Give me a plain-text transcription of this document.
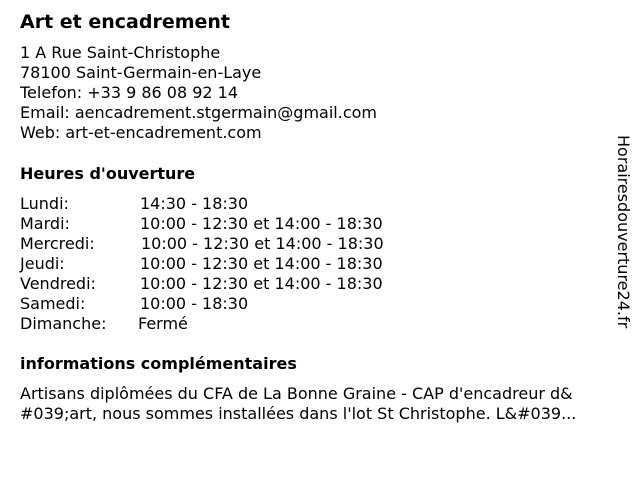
Art et encadrement
1 A Rue Saint-Christophe
78100 Saint-Germain-en-Laye
Telefon: +33 9 86 08 92 14
Email: aencadrement.stgermain@gmail.com
Web: art-et-encadrement.com
Heures d'ouverture
Lundi:	14:30 - 18:30
Mardi:	10:00 - 12:30 et 14:00 - 18:30
Mercredi:	10:00 - 12:30 et 14:00 - 18:30
Jeudi:	10:00 - 12:30 et 14:00 - 18:30
Vendredi:	10:00 - 12:30 et 14:00 - 18:30
Samedi:	10:00 - 18:30
Dimanche: Fermé
informations complémentaires
Artisans diplômées du CFA de La Bonne Graine - CAP d'encadreur d&
#039;art, nous sommes installées dans l'lot St Christophe. L&#039...
Horairesdouverture24.fr
